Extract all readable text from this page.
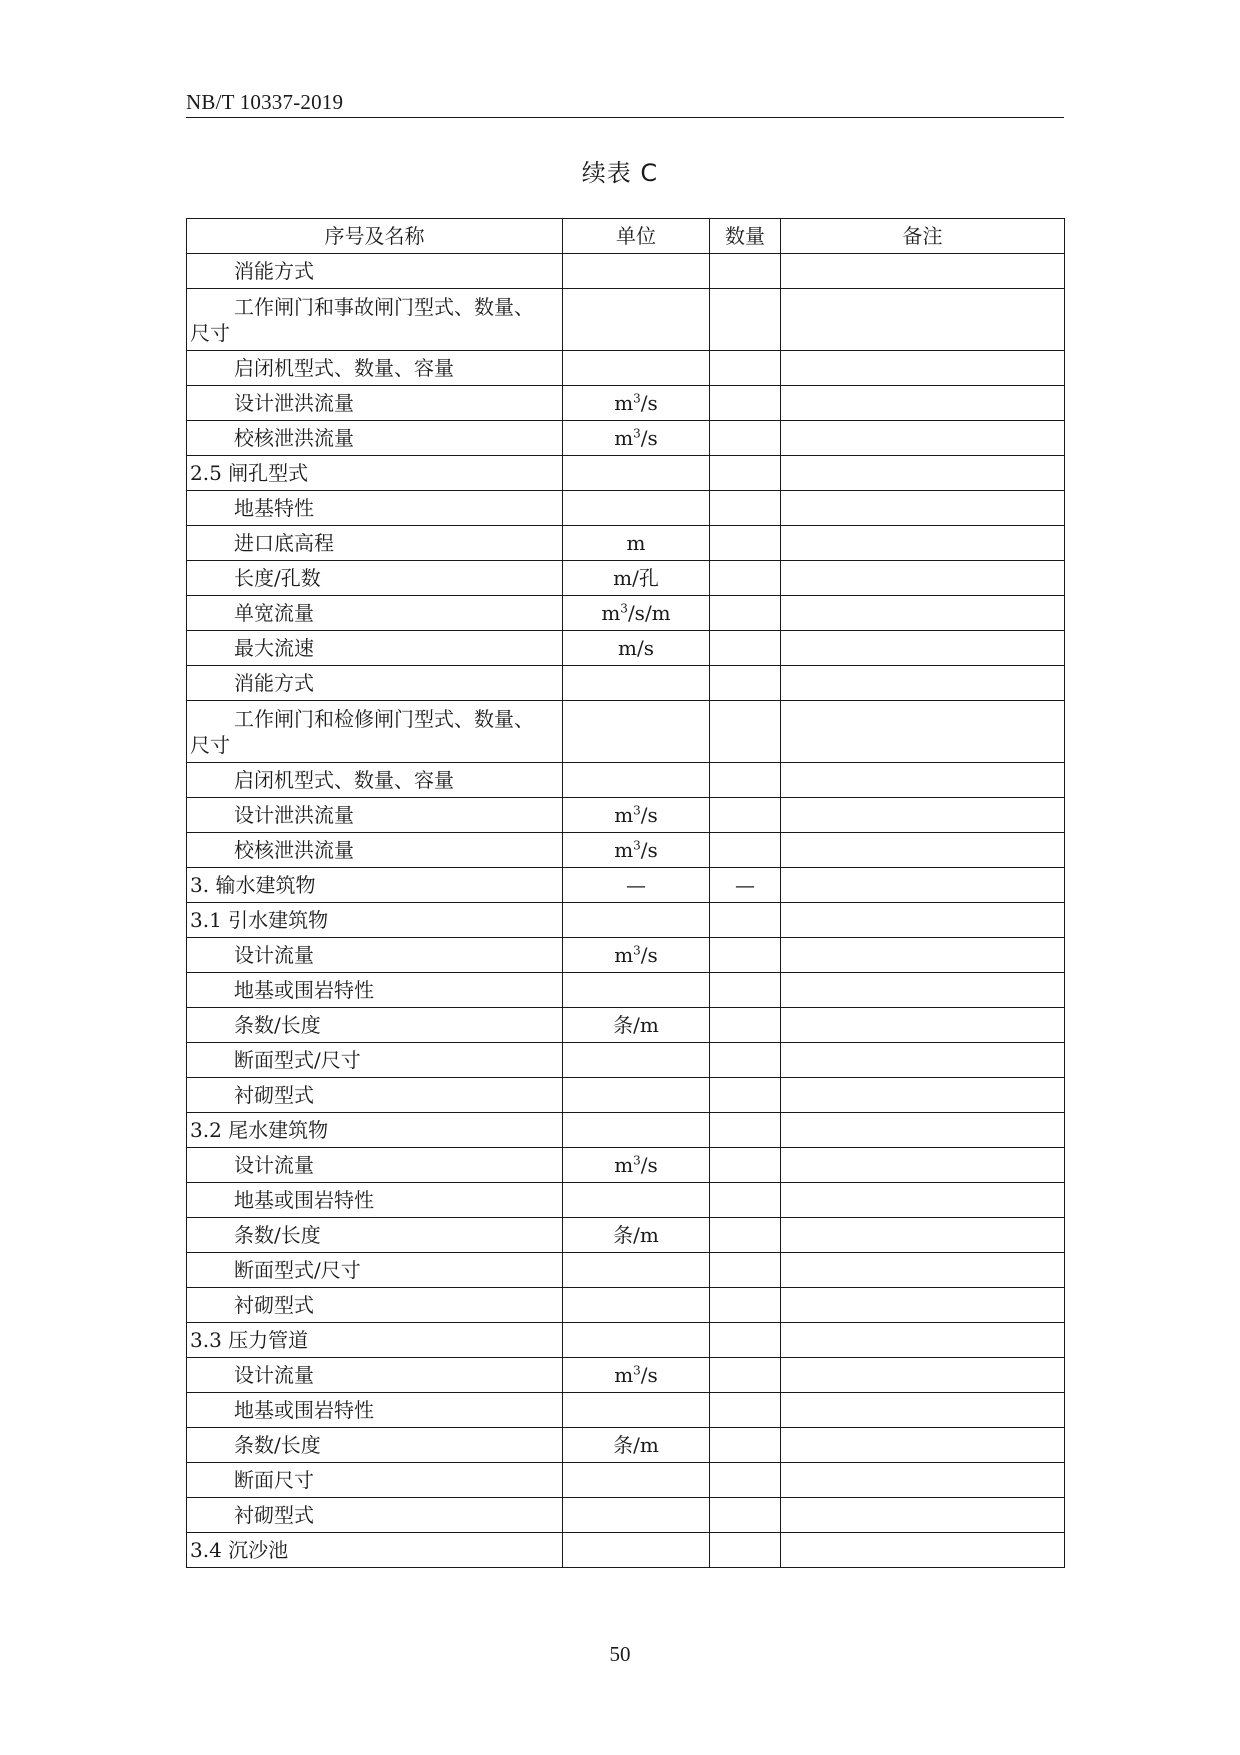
NB/T 10337-2019
续表 C
序号及名称	单位	数量	备注
消能方式			

工作闸门和事故闸门型式、数量、
尺寸			

启闭机型式、数量、容量			
设计泄洪流量	$m^3/s$		
校核泄洪流量	$m^3/s$		
2.5 闸孔型式			
地基特性			
进口底高程	m		
长度/孔数	m/孔		
单宽流量	$m^3/s/m$		
最大流速	m/s		
消能方式			

工作闸门和检修闸门型式、数量、
尺寸			

启闭机型式、数量、容量			
设计泄洪流量	$m^3/s$		
校核泄洪流量	$m^3/s$		
3. 输水建筑物	—	—	
3.1 引水建筑物			
设计流量	$m^3/s$		
地基或围岩特性			
条数/长度	条/m		
断面型式/尺寸			
衬砌型式			
3.2 尾水建筑物			
设计流量	$m^3/s$		
地基或围岩特性			
条数/长度	条/m		
断面型式/尺寸			
衬砌型式			
3.3 压力管道			
设计流量	$m^3/s$		
地基或围岩特性			
条数/长度	条/m		
断面尺寸			
衬砌型式			
3.4 沉沙池			
50
